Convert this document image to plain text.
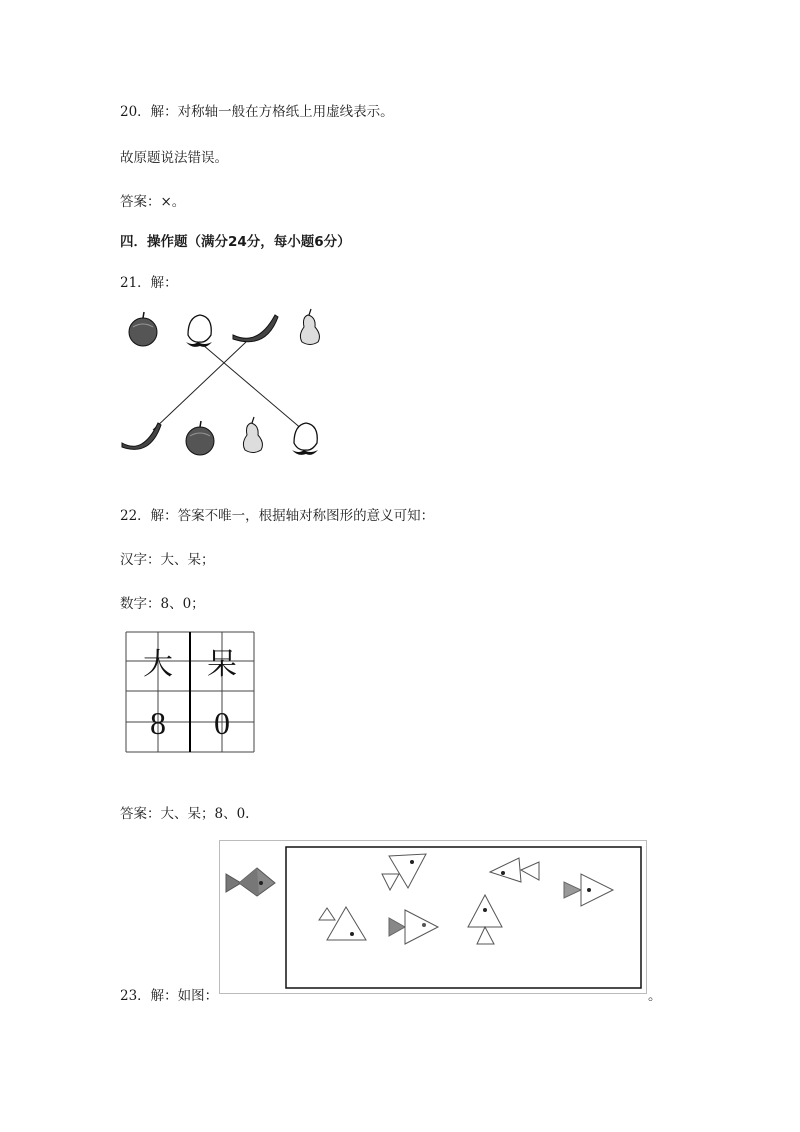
20．解：对称轴一般在方格纸上用虚线表示。
故原题说法错误。
答案：×。
四．操作题（满分24分，每小题6分）
21．解：
22．解：答案不唯一，根据轴对称图形的意义可知：
汉字：大、呆；
数字：8、0；
大 呆
8 0
答案：大、呆；8、0.
23．解：如图：	。
